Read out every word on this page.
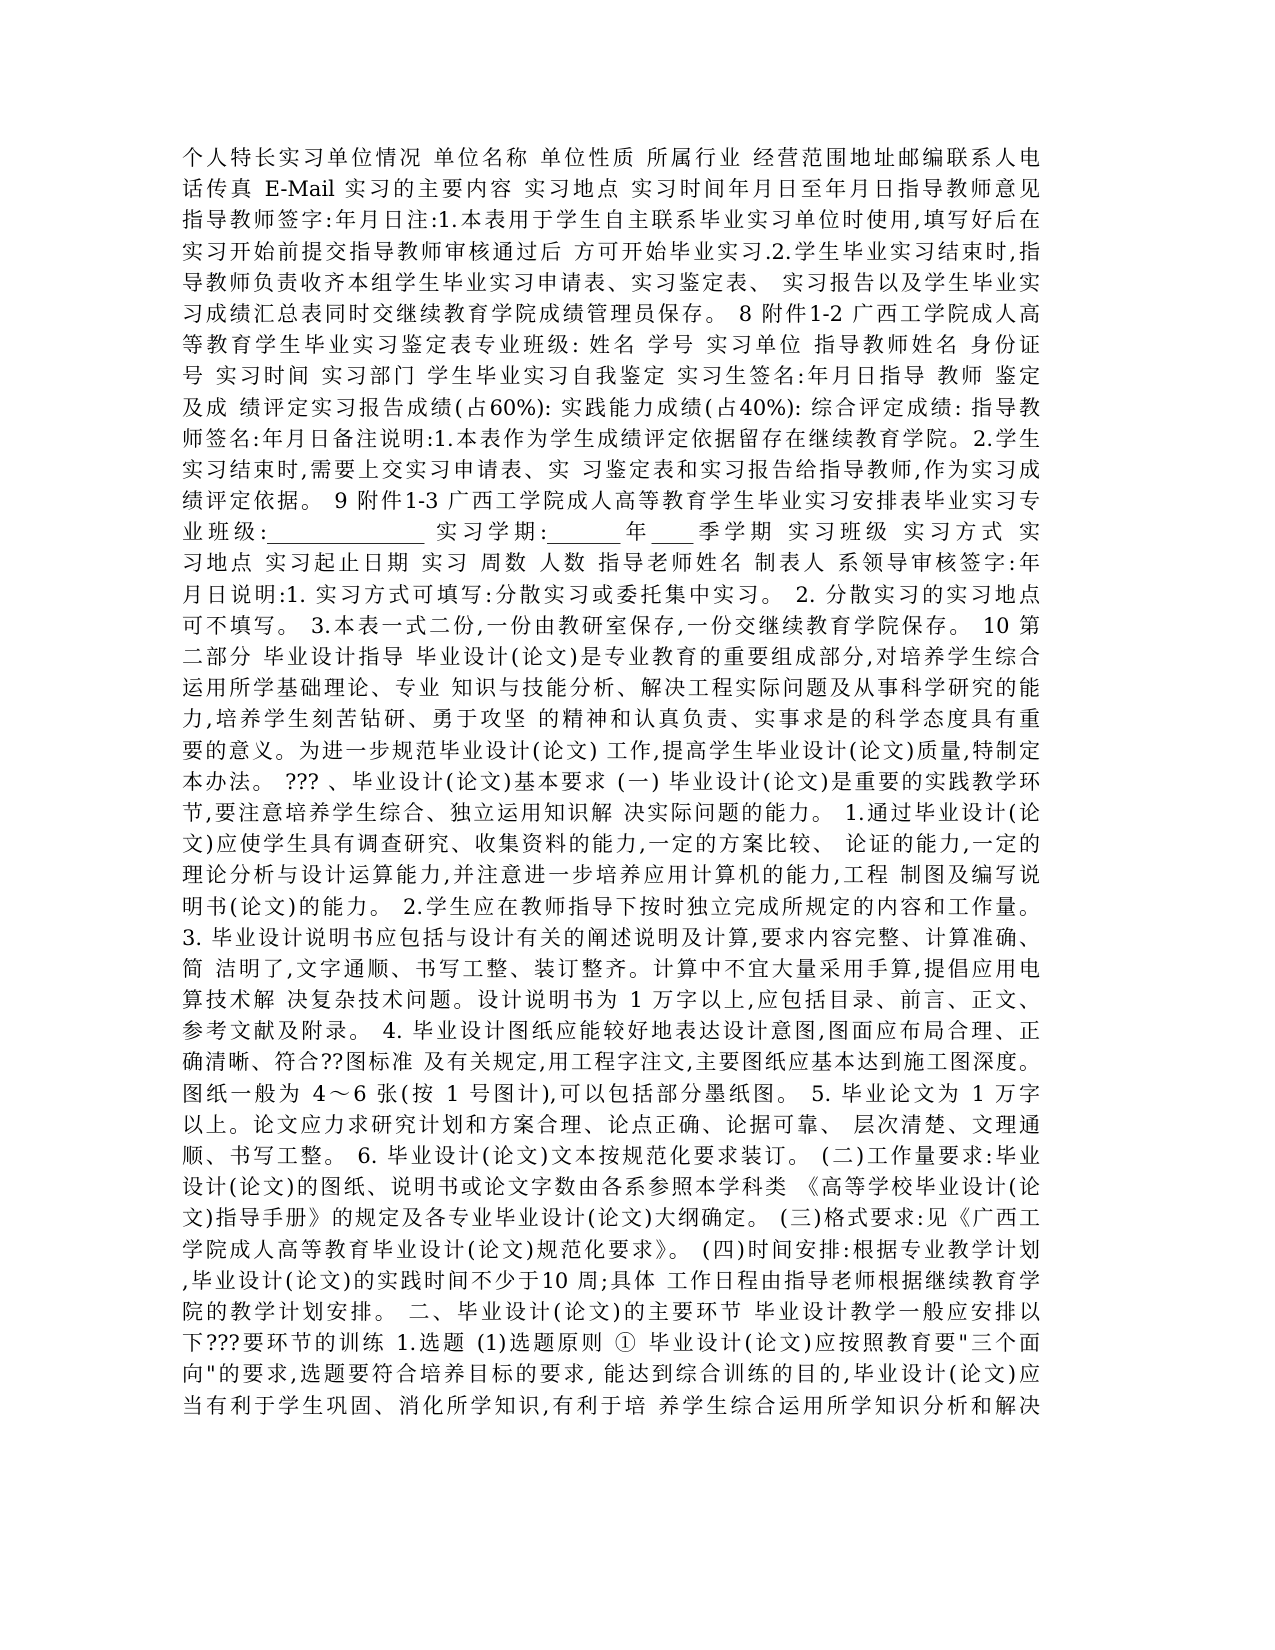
个人特长实习单位情况 单位名称 单位性质 所属行业 经营范围地址邮编联系人电
话传真 E-Mail 实习的主要内容 实习地点 实习时间年月日至年月日指导教师意见
指导教师签字:年月日注:1.本表用于学生自主联系毕业实习单位时使用,填写好后在
实习开始前提交指导教师审核通过后 方可开始毕业实习.2.学生毕业实习结束时,指
导教师负责收齐本组学生毕业实习申请表、实习鉴定表、 实习报告以及学生毕业实
习成绩汇总表同时交继续教育学院成绩管理员保存。 8 附件1-2 广西工学院成人高
等教育学生毕业实习鉴定表专业班级: 姓名 学号 实习单位 指导教师姓名 身份证
号 实习时间 实习部门 学生毕业实习自我鉴定 实习生签名:年月日指导 教师 鉴定
及成 绩评定实习报告成绩(占60%): 实践能力成绩(占40%): 综合评定成绩: 指导教
师签名:年月日备注说明:1.本表作为学生成绩评定依据留存在继续教育学院。2.学生
实习结束时,需要上交实习申请表、实 习鉴定表和实习报告给指导教师,作为实习成
绩评定依据。 9 附件1-3 广西工学院成人高等教育学生毕业实习安排表毕业实习专
业班级:_______________ 实习学期:_______年____季学期 实习班级 实习方式 实
习地点 实习起止日期 实习 周数 人数 指导老师姓名 制表人 系领导审核签字:年
月日说明:1. 实习方式可填写:分散实习或委托集中实习。 2. 分散实习的实习地点
可不填写。 3.本表一式二份,一份由教研室保存,一份交继续教育学院保存。 10 第
二部分 毕业设计指导 毕业设计(论文)是专业教育的重要组成部分,对培养学生综合
运用所学基础理论、专业 知识与技能分析、解决工程实际问题及从事科学研究的能
力,培养学生刻苦钻研、勇于攻坚 的精神和认真负责、实事求是的科学态度具有重
要的意义。为进一步规范毕业设计(论文) 工作,提高学生毕业设计(论文)质量,特制定
本办法。 ??? 、毕业设计(论文)基本要求 (一) 毕业设计(论文)是重要的实践教学环
节,要注意培养学生综合、独立运用知识解 决实际问题的能力。 1.通过毕业设计(论
文)应使学生具有调查研究、收集资料的能力,一定的方案比较、 论证的能力,一定的
理论分析与设计运算能力,并注意进一步培养应用计算机的能力,工程 制图及编写说
明书(论文)的能力。 2.学生应在教师指导下按时独立完成所规定的内容和工作量。
3. 毕业设计说明书应包括与设计有关的阐述说明及计算,要求内容完整、计算准确、
简 洁明了,文字通顺、书写工整、装订整齐。计算中不宜大量采用手算,提倡应用电
算技术解 决复杂技术问题。设计说明书为 1 万字以上,应包括目录、前言、正文、
参考文献及附录。 4. 毕业设计图纸应能较好地表达设计意图,图面应布局合理、正
确清晰、符合??图标准 及有关规定,用工程字注文,主要图纸应基本达到施工图深度。
图纸一般为 4～6 张(按 1 号图计),可以包括部分墨纸图。 5. 毕业论文为 1 万字
以上。论文应力求研究计划和方案合理、论点正确、论据可靠、 层次清楚、文理通
顺、书写工整。 6. 毕业设计(论文)文本按规范化要求装订。 (二)工作量要求:毕业
设计(论文)的图纸、说明书或论文字数由各系参照本学科类 《高等学校毕业设计(论
文)指导手册》的规定及各专业毕业设计(论文)大纲确定。 (三)格式要求:见《广西工
学院成人高等教育毕业设计(论文)规范化要求》。 (四)时间安排:根据专业教学计划
,毕业设计(论文)的实践时间不少于10 周;具体 工作日程由指导老师根据继续教育学
院的教学计划安排。 二、毕业设计(论文)的主要环节 毕业设计教学一般应安排以
下???要环节的训练 1.选题 (1)选题原则 ① 毕业设计(论文)应按照教育要"三个面
向"的要求,选题要符合培养目标的要求, 能达到综合训练的目的,毕业设计(论文)应
当有利于学生巩固、消化所学知识,有利于培 养学生综合运用所学知识分析和解决
